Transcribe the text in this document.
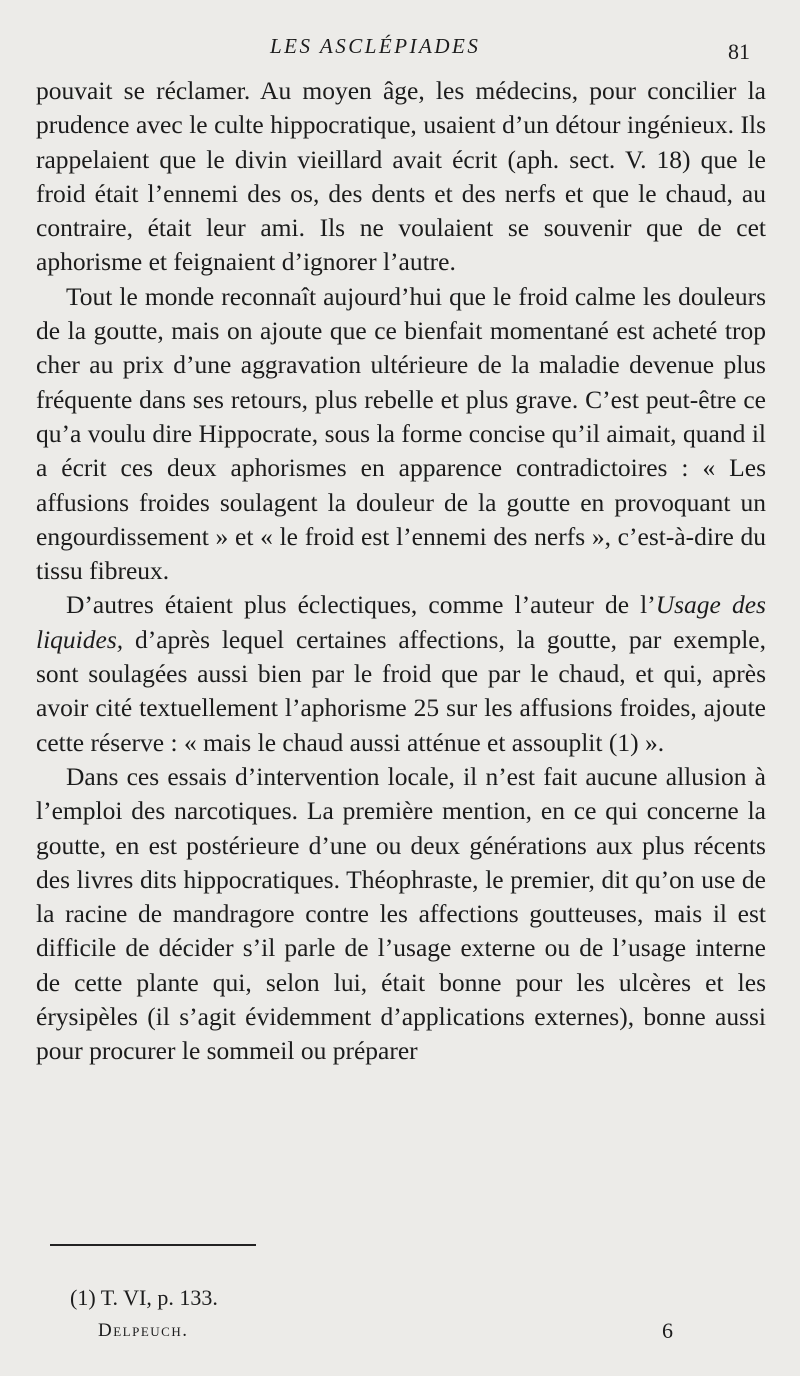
LES ASCLÉPIADES	81

pouvait se réclamer. Au moyen âge, les médecins, pour concilier la prudence avec le culte hippocratique, usaient d’un détour ingénieux. Ils rappelaient que le divin vieillard avait écrit (aph. sect. V. 18) que le froid était l’ennemi des os, des dents et des nerfs et que le chaud, au contraire, était leur ami. Ils ne voulaient se souvenir que de cet aphorisme et feignaient d’ignorer l’autre.

Tout le monde reconnaît aujourd’hui que le froid calme les douleurs de la goutte, mais on ajoute que ce bienfait momentané est acheté trop cher au prix d’une aggravation ultérieure de la maladie devenue plus fréquente dans ses retours, plus rebelle et plus grave. C’est peut-être ce qu’a voulu dire Hippocrate, sous la forme concise qu’il aimait, quand il a écrit ces deux aphorismes en apparence contradictoires : « Les affusions froides soulagent la douleur de la goutte en provoquant un engourdissement » et « le froid est l’ennemi des nerfs », c’est-à-dire du tissu fibreux.

D’autres étaient plus éclectiques, comme l’auteur de l’Usage des liquides, d’après lequel certaines affections, la goutte, par exemple, sont soulagées aussi bien par le froid que par le chaud, et qui, après avoir cité textuellement l’aphorisme 25 sur les affusions froides, ajoute cette réserve : « mais le chaud aussi atténue et assouplit (1) ».

Dans ces essais d’intervention locale, il n’est fait aucune allusion à l’emploi des narcotiques. La première mention, en ce qui concerne la goutte, en est postérieure d’une ou deux générations aux plus récents des livres dits hippocratiques. Théophraste, le premier, dit qu’on use de la racine de mandragore contre les affections goutteuses, mais il est difficile de décider s’il parle de l’usage externe ou de l’usage interne de cette plante qui, selon lui, était bonne pour les ulcères et les érysipèles (il s’agit évidemment d’applications externes), bonne aussi pour procurer le sommeil ou préparer

(1) T. VI, p. 133.
Delpeuch.	6
